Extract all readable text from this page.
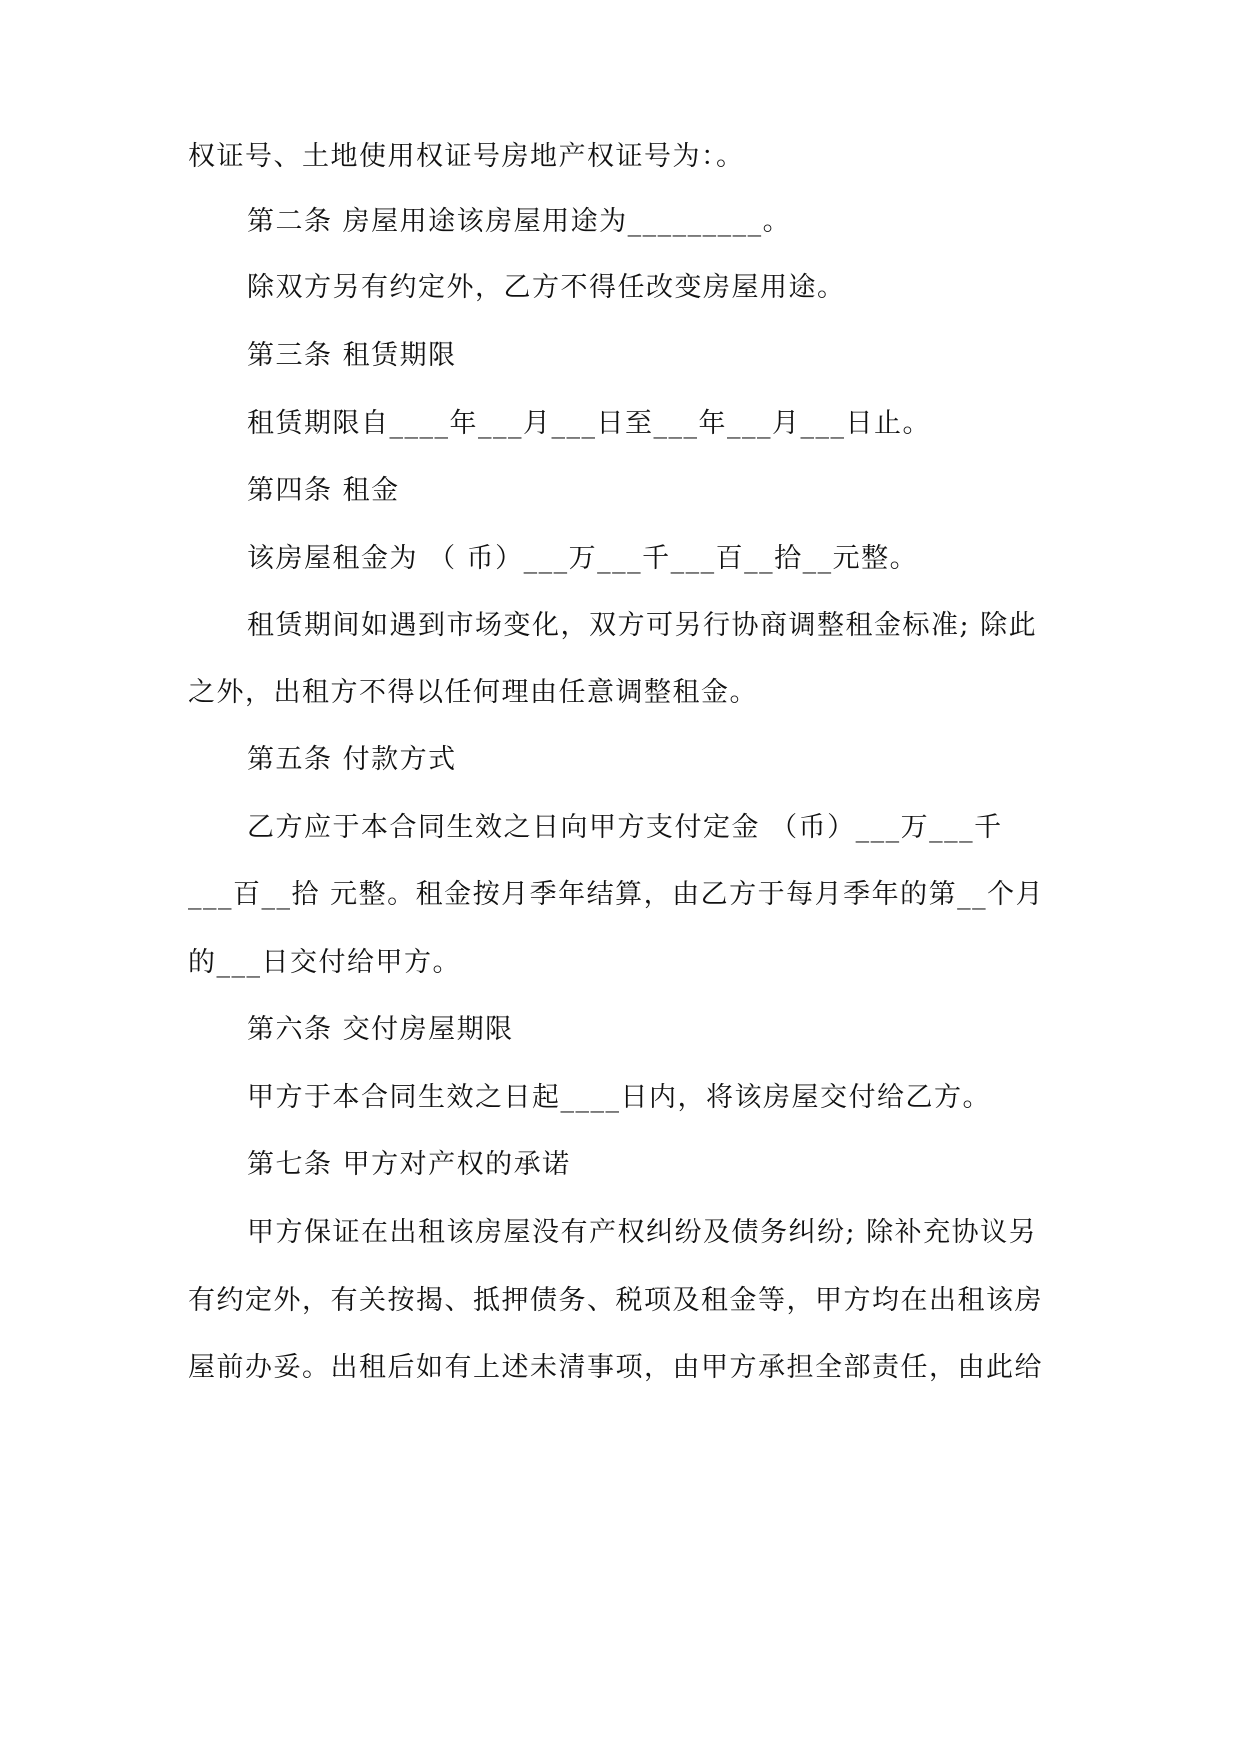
权证号、土地使用权证号房地产权证号为：。
第二条 房屋用途该房屋用途为_________。
除双方另有约定外，乙方不得任改变房屋用途。
第三条 租赁期限
租赁期限自____年___月___日至___年___月___日止。
第四条 租金
该房屋租金为 （ 币）___万___千___百__拾__元整。
租赁期间如遇到市场变化，双方可另行协商调整租金标准; 除此
之外，出租方不得以任何理由任意调整租金。
第五条 付款方式
乙方应于本合同生效之日向甲方支付定金 （币）___万___千
___百__拾 元整。租金按月季年结算，由乙方于每月季年的第__个月
的___日交付给甲方。
第六条 交付房屋期限
甲方于本合同生效之日起____日内，将该房屋交付给乙方。
第七条 甲方对产权的承诺
甲方保证在出租该房屋没有产权纠纷及债务纠纷; 除补充协议另
有约定外，有关按揭、抵押债务、税项及租金等，甲方均在出租该房
屋前办妥。出租后如有上述未清事项，由甲方承担全部责任，由此给
